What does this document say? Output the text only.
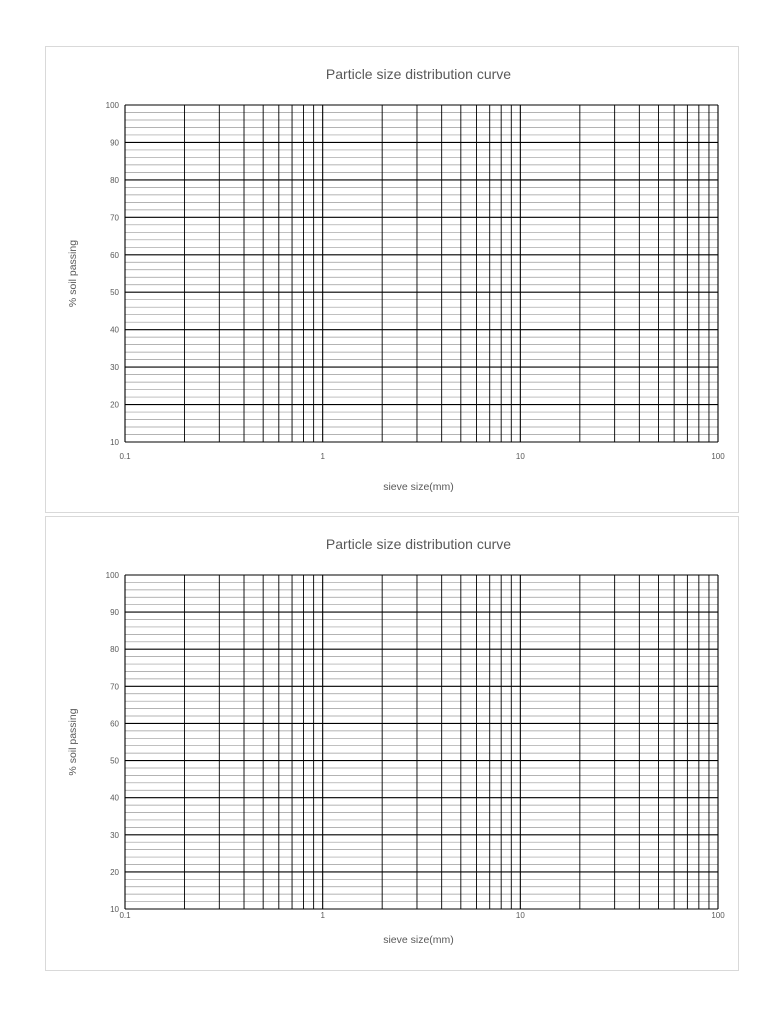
Particle size distribution curve
10
20
30
40
50
60
70
80
90
100
0.1	1	10	100
sieve size(mm)
% soil passing
Particle size distribution curve
10
20
30
40
50
60
70
80
90
100
0.1	1	10	100
sieve size(mm)
% soil passing
